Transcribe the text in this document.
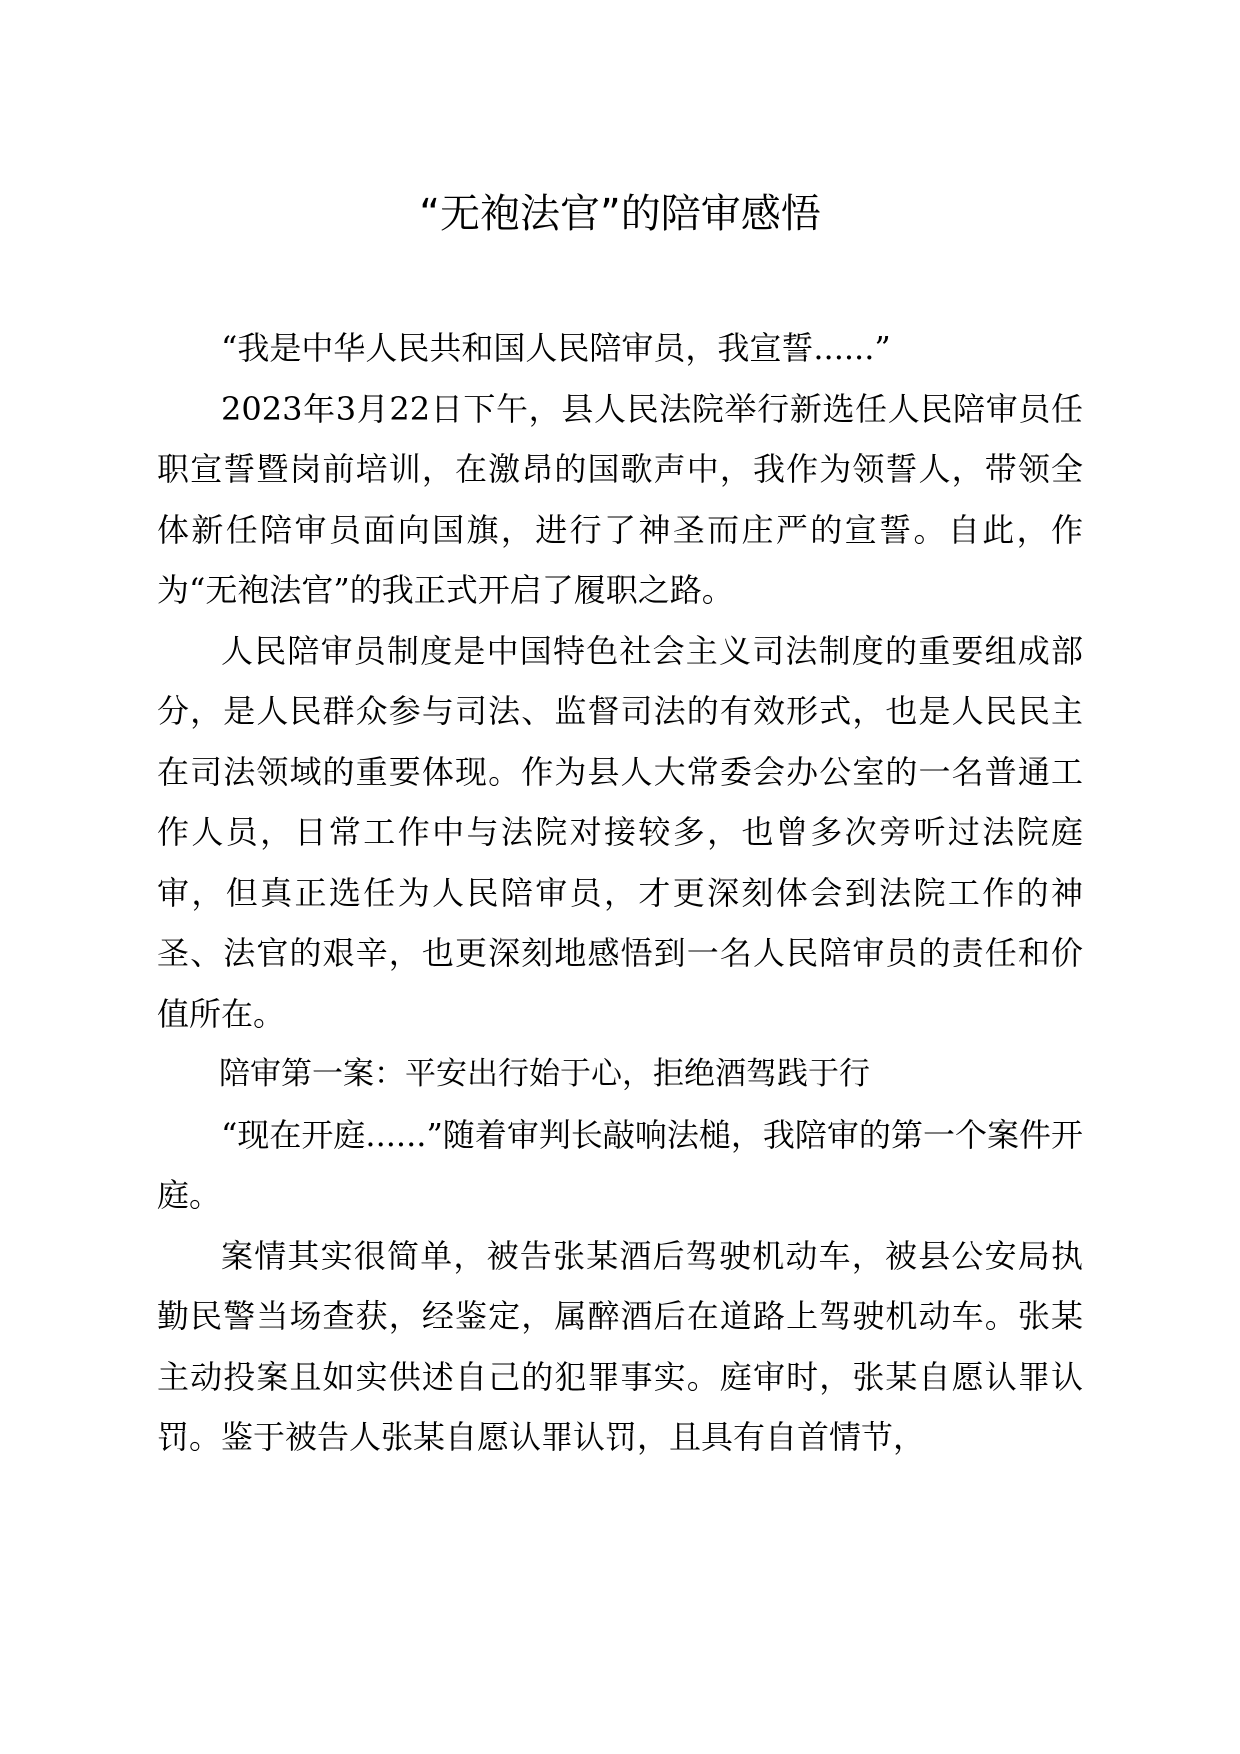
“无袍法官”的陪审感悟

“我是中华人民共和国人民陪审员，我宣誓......”

2023年3月22日下午，县人民法院举行新选任人民陪审员任职宣誓暨岗前培训，在激昂的国歌声中，我作为领誓人，带领全体新任陪审员面向国旗，进行了神圣而庄严的宣誓。自此，作为“无袍法官”的我正式开启了履职之路。

人民陪审员制度是中国特色社会主义司法制度的重要组成部分，是人民群众参与司法、监督司法的有效形式，也是人民民主在司法领域的重要体现。作为县人大常委会办公室的一名普通工作人员，日常工作中与法院对接较多，也曾多次旁听过法院庭审，但真正选任为人民陪审员，才更深刻体会到法院工作的神圣、法官的艰辛，也更深刻地感悟到一名人民陪审员的责任和价值所在。

陪审第一案：平安出行始于心，拒绝酒驾践于行

“现在开庭......”随着审判长敲响法槌，我陪审的第一个案件开庭。

案情其实很简单，被告张某酒后驾驶机动车，被县公安局执勤民警当场查获，经鉴定，属醉酒后在道路上驾驶机动车。张某主动投案且如实供述自己的犯罪事实。庭审时，张某自愿认罪认罚。鉴于被告人张某自愿认罪认罚，且具有自首情节，
